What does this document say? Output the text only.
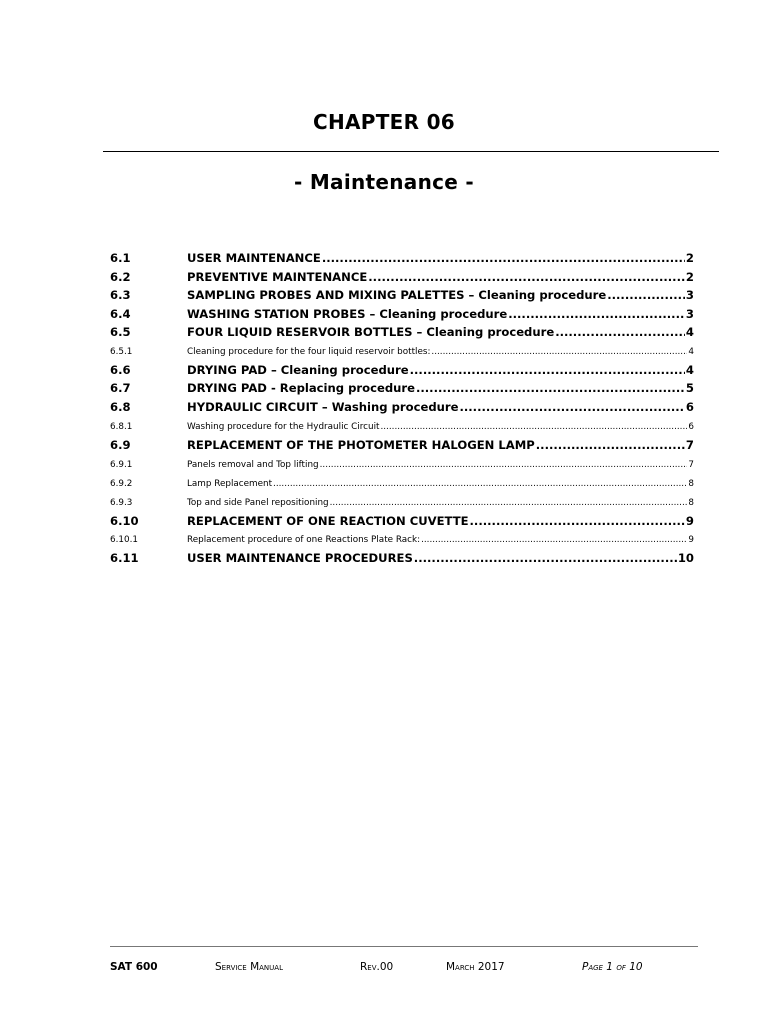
CHAPTER 06
- Maintenance -
6.1	USER MAINTENANCE .....	2
6.2	PREVENTIVE MAINTENANCE .....	2
6.3	SAMPLING PROBES AND MIXING PALETTES – Cleaning procedure .....	3
6.4	WASHING STATION PROBES – Cleaning procedure .....	3
6.5	FOUR LIQUID RESERVOIR BOTTLES – Cleaning procedure .....	4
6.5.1	Cleaning procedure for the four liquid reservoir bottles: .....	4
6.6	DRYING PAD – Cleaning procedure .....	4
6.7	DRYING PAD - Replacing procedure .....	5
6.8	HYDRAULIC CIRCUIT – Washing procedure .....	6
6.8.1	Washing procedure for the Hydraulic Circuit .....	6
6.9	REPLACEMENT OF THE PHOTOMETER HALOGEN LAMP .....	7
6.9.1	Panels removal and Top lifting .....	7
6.9.2	Lamp Replacement .....	8
6.9.3	Top and side Panel repositioning .....	8
6.10	REPLACEMENT OF ONE REACTION CUVETTE .....	9
6.10.1	Replacement procedure of one Reactions Plate Rack: .....	9
6.11	USER MAINTENANCE PROCEDURES .....	10
SAT 600	Service Manual	Rev.00	March 2017	Page 1 of 10
